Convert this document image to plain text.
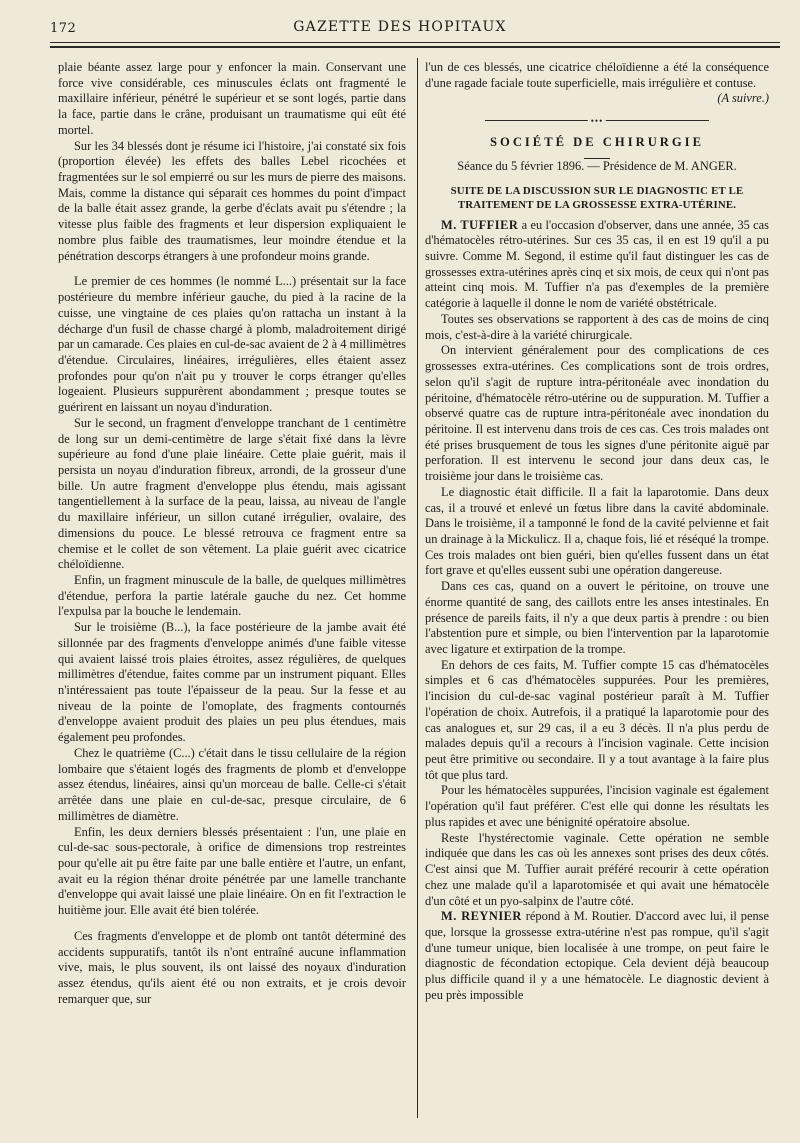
172	GAZETTE DES HOPITAUX

plaie béante assez large pour y enfoncer la main. Conservant une force vive considérable, ces minuscules éclats ont fragmenté le maxillaire inférieur, pénétré le supérieur et se sont logés, partie dans la face, partie dans le crâne, produisant un traumatisme qui eût été mortel.

Sur les 34 blessés dont je résume ici l'histoire, j'ai constaté six fois (proportion élevée) les effets des balles Lebel ricochées et fragmentées sur le sol empierré ou sur les murs de pierre des maisons. Mais, comme la distance qui séparait ces hommes du point d'impact de la balle était assez grande, la gerbe d'éclats avait pu s'étendre ; la vitesse plus faible des fragments et leur dispersion expliquaient le nombre plus faible des traumatismes, leur moindre étendue et la pénétration descorps étrangers à une profondeur moins grande.

Le premier de ces hommes (le nommé L...) présentait sur la face postérieure du membre inférieur gauche, du pied à la racine de la cuisse, une vingtaine de ces plaies qu'on rattacha un instant à la décharge d'un fusil de chasse chargé à plomb, maladroitement dirigé par un camarade. Ces plaies en cul-de-sac avaient de 2 à 4 millimètres d'étendue. Circulaires, linéaires, irrégulières, elles étaient assez profondes pour qu'on n'ait pu y trouver le corps étranger qu'elles logeaient. Plusieurs suppurèrent abondamment ; presque toutes se guérirent en laissant un noyau d'induration.

Sur le second, un fragment d'enveloppe tranchant de 1 centimètre de long sur un demi-centimètre de large s'était fixé dans la lèvre supérieure au fond d'une plaie linéaire. Cette plaie guérit, mais il persista un noyau d'induration fibreux, arrondi, de la grosseur d'une bille. Un autre fragment d'enveloppe plus étendu, mais agissant tangentiellement à la surface de la peau, laissa, au niveau de l'angle du maxillaire inférieur, un sillon cutané irrégulier, ovalaire, des dimensions du pouce. Le blessé retrouva ce fragment entre sa chemise et le collet de son vêtement. La plaie guérit avec cicatrice chéloïdienne.

Enfin, un fragment minuscule de la balle, de quelques millimètres d'étendue, perfora la partie latérale gauche du nez. Cet homme l'expulsa par la bouche le lendemain.

Sur le troisième (B...), la face postérieure de la jambe avait été sillonnée par des fragments d'enveloppe animés d'une faible vitesse qui avaient laissé trois plaies étroites, assez régulières, de quelques millimètres d'étendue, faites comme par un instrument piquant. Elles n'intéressaient pas toute l'épaisseur de la peau. Sur la fesse et au niveau de la pointe de l'omoplate, des fragments contournés d'enveloppe avaient produit des plaies un peu plus étendues, mais également peu profondes.

Chez le quatrième (C...) c'était dans le tissu cellulaire de la région lombaire que s'étaient logés des fragments de plomb et d'enveloppe assez étendus, linéaires, ainsi qu'un morceau de balle. Celle-ci s'était arrêtée dans une plaie en cul-de-sac, presque circulaire, de 6 millimètres de diamètre.

Enfin, les deux derniers blessés présentaient : l'un, une plaie en cul-de-sac sous-pectorale, à orifice de dimensions trop restreintes pour qu'elle ait pu être faite par une balle entière et l'autre, un enfant, avait eu la région thénar droite pénétrée par une lamelle tranchante d'enveloppe qui avait laissé une plaie linéaire. On en fit l'extraction le huitième jour. Elle avait été bien tolérée.

Ces fragments d'enveloppe et de plomb ont tantôt déterminé des accidents suppuratifs, tantôt ils n'ont entraîné aucune inflammation vive, mais, le plus souvent, ils ont laissé des noyaux d'induration assez étendus, qu'ils aient été ou non extraits, et je crois devoir remarquer que, sur

l'un de ces blessés, une cicatrice chéloïdienne a été la conséquence d'une ragade faciale toute superficielle, mais irrégulière et contuse.

(A suivre.)

•••
SOCIÉTÉ DE CHIRURGIE

Séance du 5 février 1896. — Présidence de M. ANGER.

SUITE DE LA DISCUSSION SUR LE DIAGNOSTIC ET LE TRAITEMENT DE LA GROSSESSE EXTRA-UTÉRINE.

M. TUFFIER a eu l'occasion d'observer, dans une année, 35 cas d'hématocèles rétro-utérines. Sur ces 35 cas, il en est 19 qu'il a pu suivre. Comme M. Segond, il estime qu'il faut distinguer les cas de grossesses extra-utérines après cinq et six mois, de ceux qui n'ont pas atteint cinq mois. M. Tuffier n'a pas d'exemples de la première catégorie à laquelle il donne le nom de variété obstétricale.

Toutes ses observations se rapportent à des cas de moins de cinq mois, c'est-à-dire à la variété chirurgicale.

On intervient généralement pour des complications de ces grossesses extra-utérines. Ces complications sont de trois ordres, selon qu'il s'agit de rupture intra-péritonéale avec inondation du péritoine, d'hématocèle rétro-utérine ou de suppuration. M. Tuffier a observé quatre cas de rupture intra-péritonéale avec inondation du péritoine. Il est intervenu dans trois de ces cas. Ces trois malades ont été prises brusquement de tous les signes d'une péritonite aiguë par perforation. Il est intervenu le second jour dans deux cas, le troisième jour dans le troisième cas.

Le diagnostic était difficile. Il a fait la laparotomie. Dans deux cas, il a trouvé et enlevé un fœtus libre dans la cavité abdominale. Dans le troisième, il a tamponné le fond de la cavité pelvienne et fait un drainage à la Mickulicz. Il a, chaque fois, lié et réséqué la trompe. Ces trois malades ont bien guéri, bien qu'elles fussent dans un état fort grave et qu'elles eussent subi une opération dangereuse.

Dans ces cas, quand on a ouvert le péritoine, on trouve une énorme quantité de sang, des caillots entre les anses intestinales. En présence de pareils faits, il n'y a que deux partis à prendre : ou bien l'abstention pure et simple, ou bien l'intervention par la laparotomie avec ligature et extirpation de la trompe.

En dehors de ces faits, M. Tuffier compte 15 cas d'hématocèles simples et 6 cas d'hématocèles suppurées. Pour les premières, l'incision du cul-de-sac vaginal postérieur paraît à M. Tuffier l'opération de choix. Autrefois, il a pratiqué la laparotomie pour des cas analogues et, sur 29 cas, il a eu 3 décès. Il n'a plus perdu de malades depuis qu'il a recours à l'incision vaginale. Cette incision peut être primitive ou secondaire. Il y a tout avantage à la faire plus tôt que plus tard.

Pour les hématocèles suppurées, l'incision vaginale est également l'opération qu'il faut préférer. C'est elle qui donne les résultats les plus rapides et avec une bénignité opératoire absolue.

Reste l'hystérectomie vaginale. Cette opération ne semble indiquée que dans les cas où les annexes sont prises des deux côtés. C'est ainsi que M. Tuffier aurait préféré recourir à cette opération chez une malade qu'il a laparotomisée et qui avait une hématocèle d'un côté et un pyo-salpinx de l'autre côté.

M. REYNIER répond à M. Routier. D'accord avec lui, il pense que, lorsque la grossesse extra-utérine n'est pas rompue, qu'il s'agit d'une tumeur unique, bien localisée à une trompe, on peut faire le diagnostic de fécondation ectopique. Cela devient déjà beaucoup plus difficile quand il y a une hématocèle. Le diagnostic devient à peu près impossible
